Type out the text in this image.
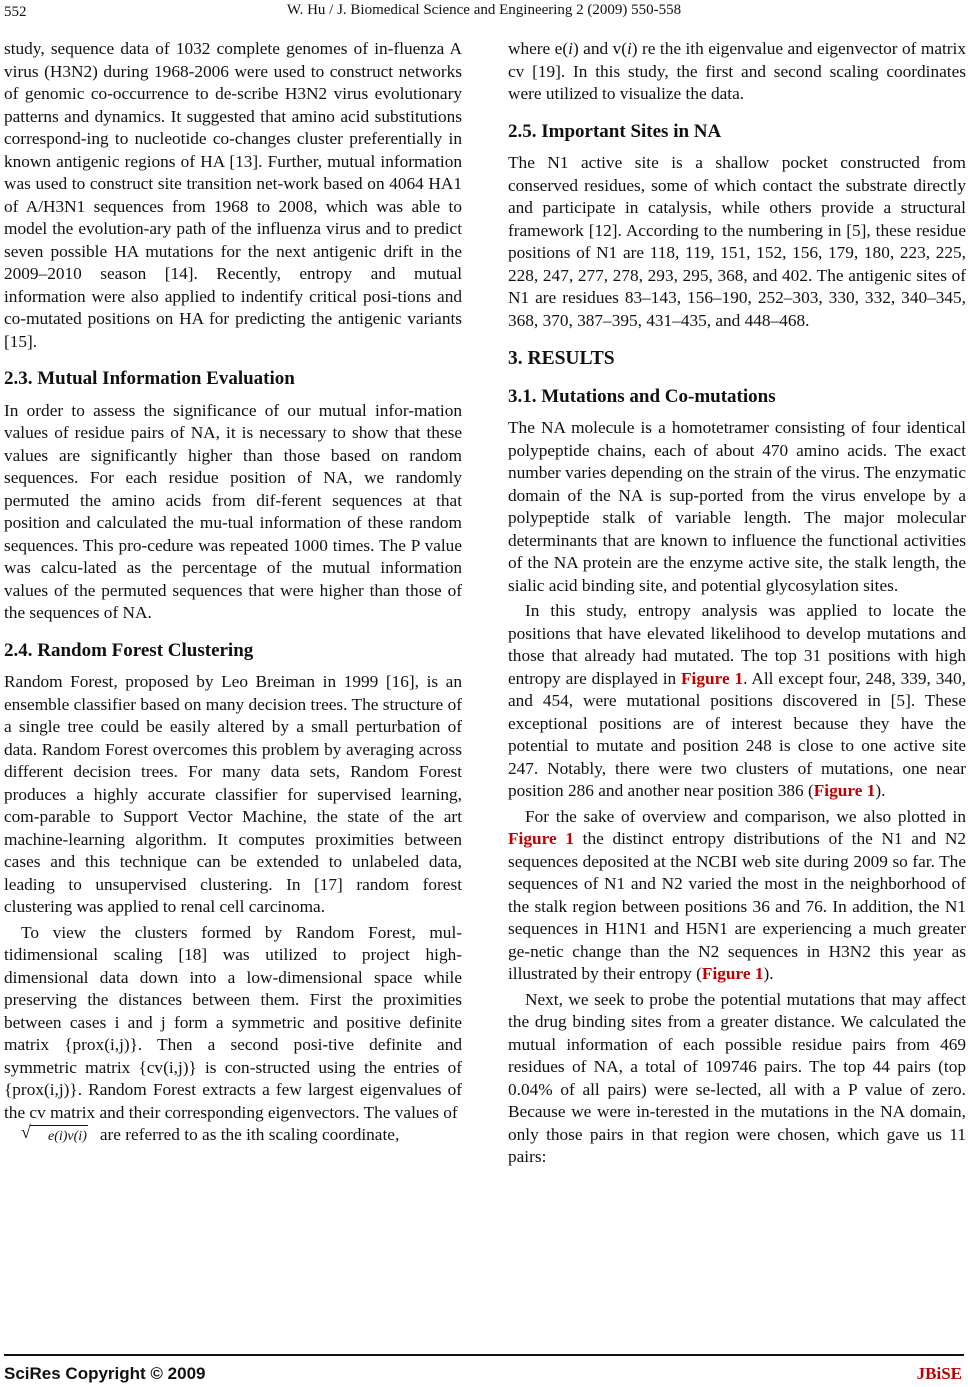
552	W. Hu / J. Biomedical Science and Engineering 2 (2009) 550-558

study, sequence data of 1032 complete genomes of in-fluenza A virus (H3N2) during 1968-2006 were used to construct networks of genomic co-occurrence to de-scribe H3N2 virus evolutionary patterns and dynamics. It suggested that amino acid substitutions correspond-ing to nucleotide co-changes cluster preferentially in known antigenic regions of HA [13]. Further, mutual information was used to construct site transition net-work based on 4064 HA1 of A/H3N1 sequences from 1968 to 2008, which was able to model the evolution-ary path of the influenza virus and to predict seven possible HA mutations for the next antigenic drift in the 2009–2010 season [14]. Recently, entropy and mutual information were also applied to indentify critical posi-tions and co-mutated positions on HA for predicting the antigenic variants [15].

2.3. Mutual Information Evaluation

In order to assess the significance of our mutual infor-mation values of residue pairs of NA, it is necessary to show that these values are significantly higher than those based on random sequences. For each residue position of NA, we randomly permuted the amino acids from dif-ferent sequences at that position and calculated the mu-tual information of these random sequences. This pro-cedure was repeated 1000 times. The P value was calcu-lated as the percentage of the mutual information values of the permuted sequences that were higher than those of the sequences of NA.

2.4. Random Forest Clustering

Random Forest, proposed by Leo Breiman in 1999 [16], is an ensemble classifier based on many decision trees. The structure of a single tree could be easily altered by a small perturbation of data. Random Forest overcomes this problem by averaging across different decision trees. For many data sets, Random Forest produces a highly accurate classifier for supervised learning, com-parable to Support Vector Machine, the state of the art machine-learning algorithm. It computes proximities between cases and this technique can be extended to unlabeled data, leading to unsupervised clustering. In [17] random forest clustering was applied to renal cell carcinoma.

To view the clusters formed by Random Forest, mul-tidimensional scaling [18] was utilized to project high-dimensional data down into a low-dimensional space while preserving the distances between them. First the proximities between cases i and j form a symmetric and positive definite matrix {prox(i,j)}. Then a second posi-tive definite and symmetric matrix {cv(i,j)} is con-structed using the entries of {prox(i,j)}. Random Forest extracts a few largest eigenvalues of the cv matrix and their corresponding eigenvectors. The values of

√ e(i)v(i) are referred to as the ith scaling coordinate,

where e(i) and v(i) re the ith eigenvalue and eigenvector of matrix cv [19]. In this study, the first and second scaling coordinates were utilized to visualize the data.

2.5. Important Sites in NA

The N1 active site is a shallow pocket constructed from conserved residues, some of which contact the substrate directly and participate in catalysis, while others provide a structural framework [12]. According to the numbering in [5], these residue positions of N1 are 118, 119, 151, 152, 156, 179, 180, 223, 225, 228, 247, 277, 278, 293, 295, 368, and 402. The antigenic sites of N1 are residues 83–143, 156–190, 252–303, 330, 332, 340–345, 368, 370, 387–395, 431–435, and 448–468.

3. RESULTS
3.1. Mutations and Co-mutations

The NA molecule is a homotetramer consisting of four identical polypeptide chains, each of about 470 amino acids. The exact number varies depending on the strain of the virus. The enzymatic domain of the NA is sup-ported from the virus envelope by a polypeptide stalk of variable length. The major molecular determinants that are known to influence the functional activities of the NA protein are the enzyme active site, the stalk length, the sialic acid binding site, and potential glycosylation sites.

In this study, entropy analysis was applied to locate the positions that have elevated likelihood to develop mutations and those that already had mutated. The top 31 positions with high entropy are displayed in Figure 1. All except four, 248, 339, 340, and 454, were mutational positions discovered in [5]. These exceptional positions are of interest because they have the potential to mutate and position 248 is close to one active site 247. Notably, there were two clusters of mutations, one near position 286 and another near position 386 (Figure 1).

For the sake of overview and comparison, we also plotted in Figure 1 the distinct entropy distributions of the N1 and N2 sequences deposited at the NCBI web site during 2009 so far. The sequences of N1 and N2 varied the most in the neighborhood of the stalk region between positions 36 and 76. In addition, the N1 sequences in H1N1 and H5N1 are experiencing a much greater ge-netic change than the N2 sequences in H3N2 this year as illustrated by their entropy (Figure 1).

Next, we seek to probe the potential mutations that may affect the drug binding sites from a greater distance. We calculated the mutual information of each possible residue pairs from 469 residues of NA, a total of 109746 pairs. The top 44 pairs (top 0.04% of all pairs) were se-lected, all with a P value of zero. Because we were in-terested in the mutations in the NA domain, only those pairs in that region were chosen, which gave us 11 pairs:

SciRes Copyright © 2009	JBiSE
